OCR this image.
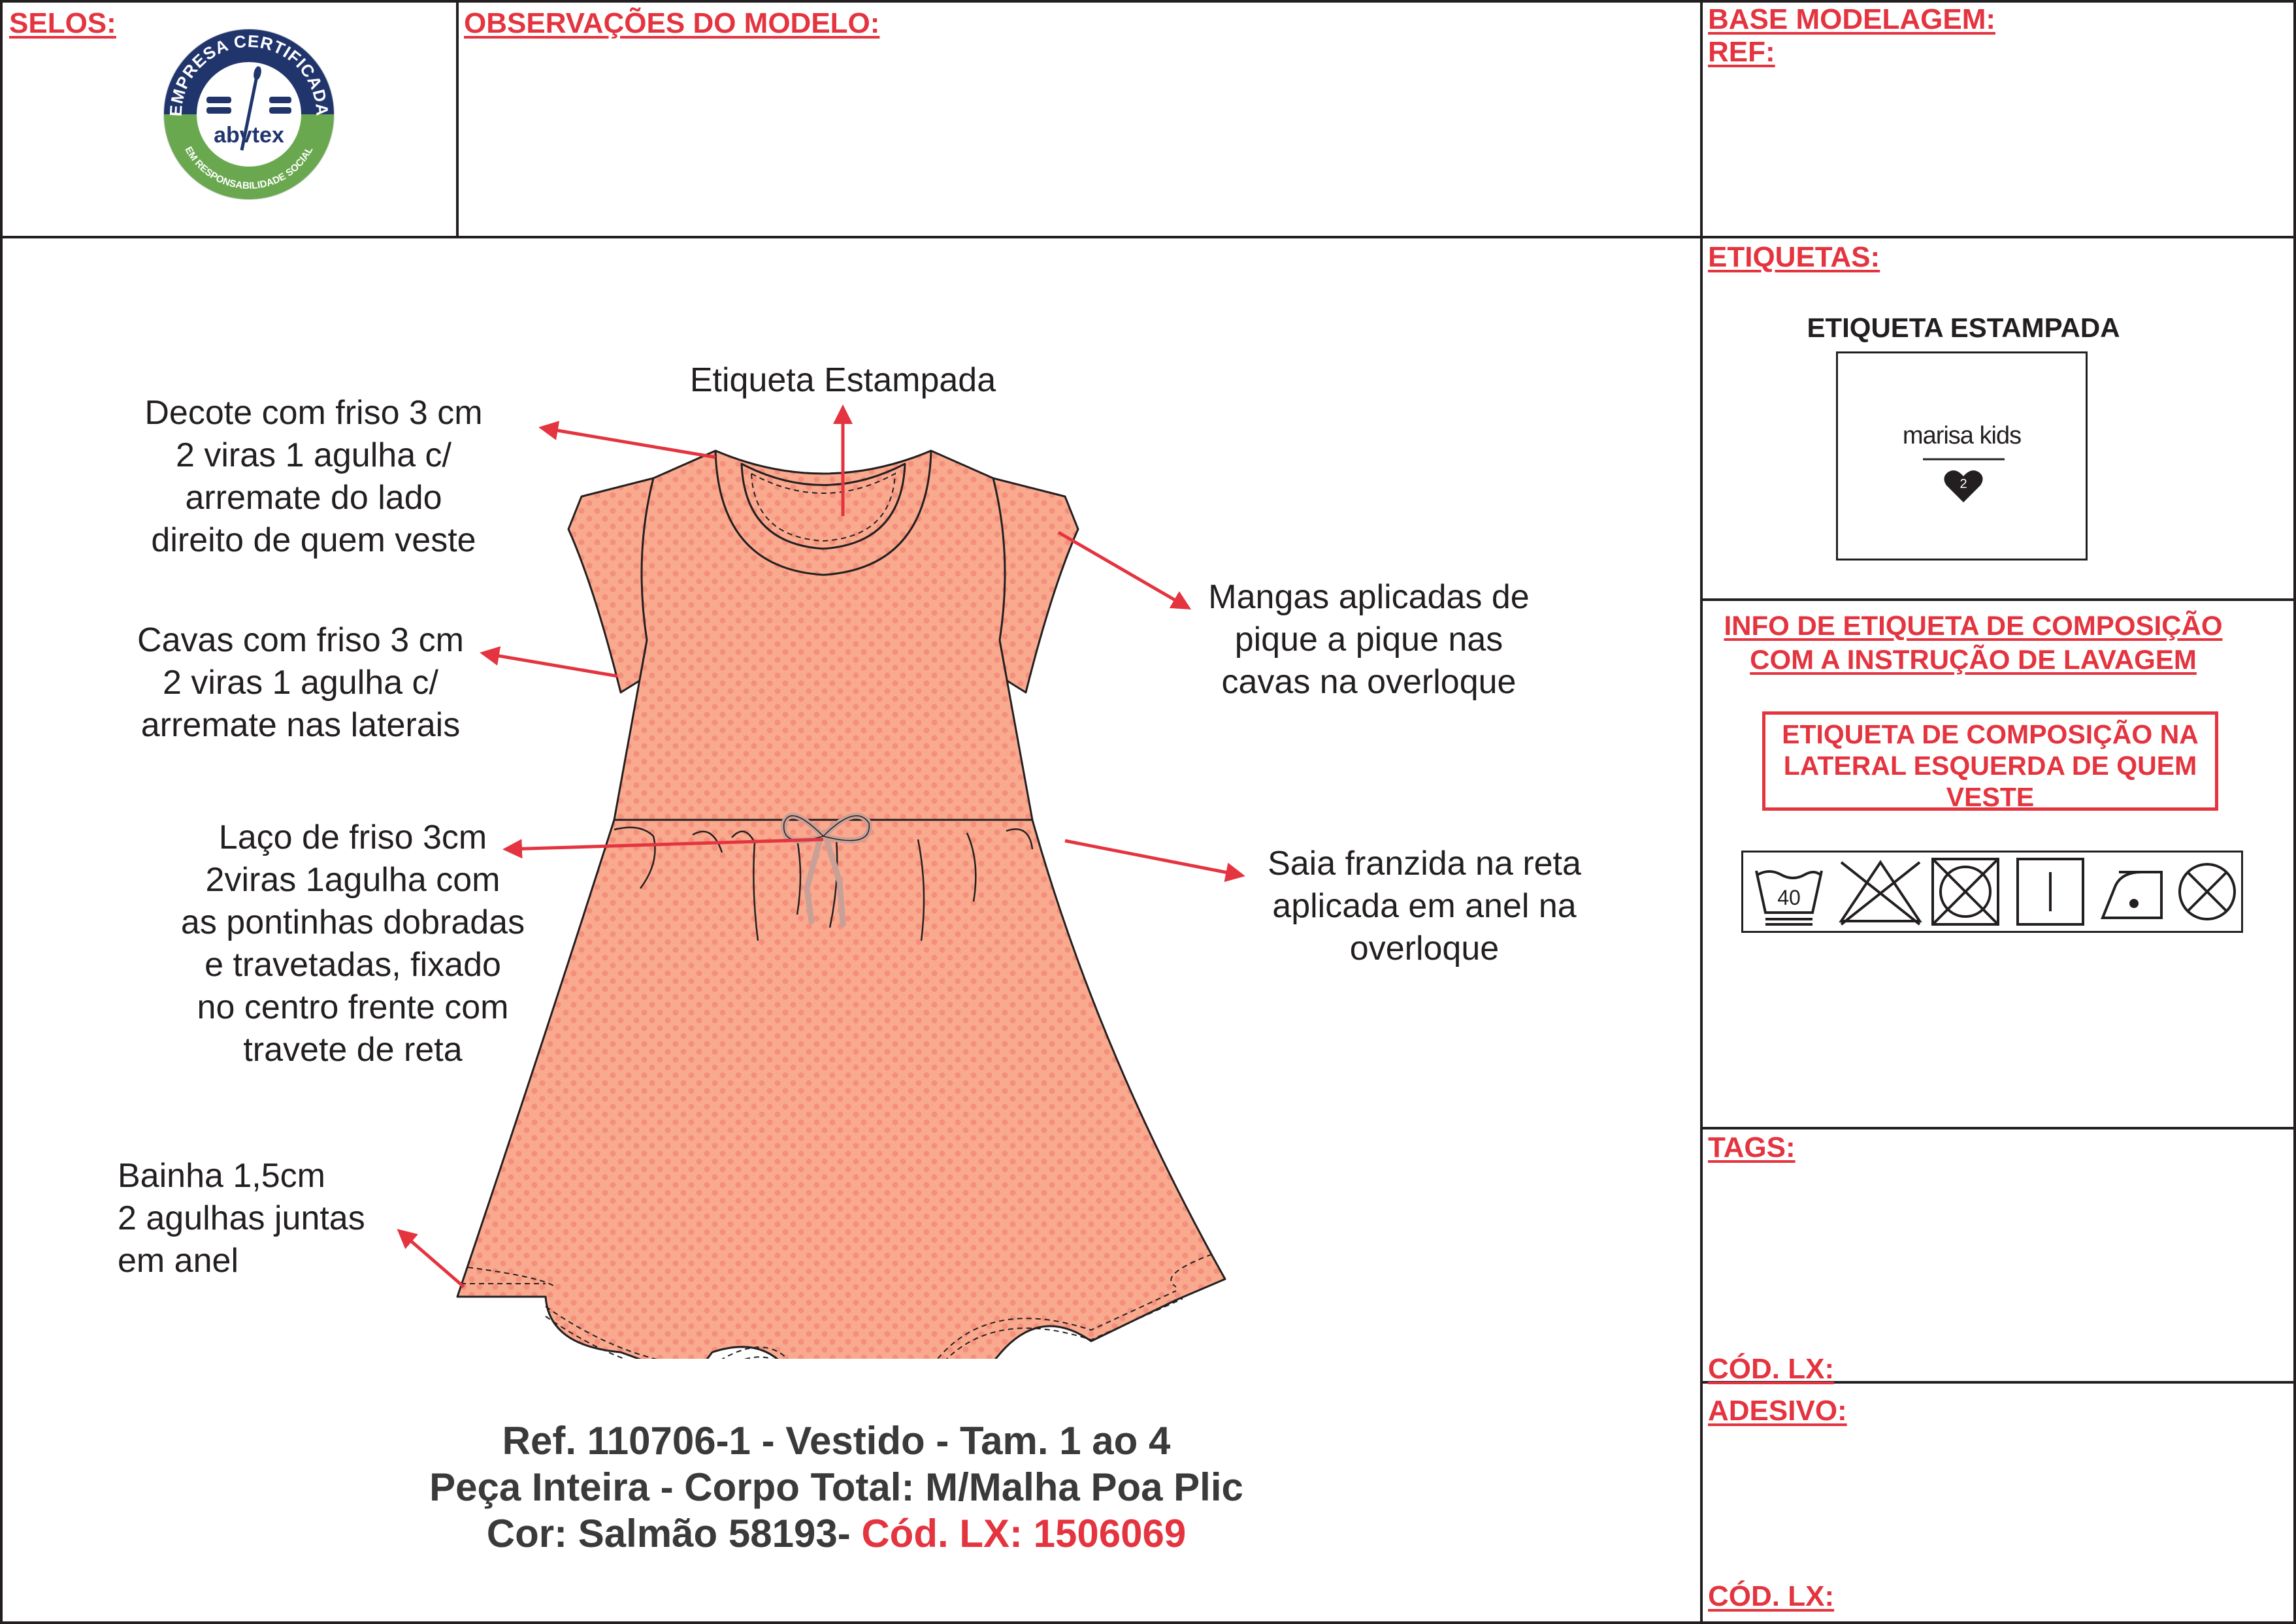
SELOS:	OBSERVAÇÕES DO MODELO:	BASE MODELAGEM:
REF:
ETIQUETAS:
TAGS:
CÓD. LX:
ADESIVO:
CÓD. LX:
EMPRESA CERTIFICADA
EM RESPONSABILIDADE SOCIAL
abvtex
Decote com friso 3 cm
2 viras 1 agulha c/
arremate do lado
direito de quem veste
Etiqueta Estampada
Cavas com friso 3 cm
2 viras 1 agulha c/
arremate nas laterais
Mangas aplicadas de
pique a pique nas
cavas na overloque
Laço de friso 3cm
2viras 1agulha com
as pontinhas dobradas
e travetadas, fixado
no centro frente com
travete de reta
Saia franzida na reta
aplicada em anel na
overloque
Bainha 1,5cm
2 agulhas juntas
em anel
Ref. 110706-1 - Vestido - Tam. 1 ao 4
Peça Inteira - Corpo Total: M/Malha Poa Plic
Cor: Salmão 58193- Cód. LX: 1506069
ETIQUETA ESTAMPADA
marisa kids
2
INFO DE ETIQUETA DE COMPOSIÇÃO
COM A INSTRUÇÃO DE LAVAGEM
ETIQUETA DE COMPOSIÇÃO NA
LATERAL ESQUERDA DE QUEM
VESTE
40
